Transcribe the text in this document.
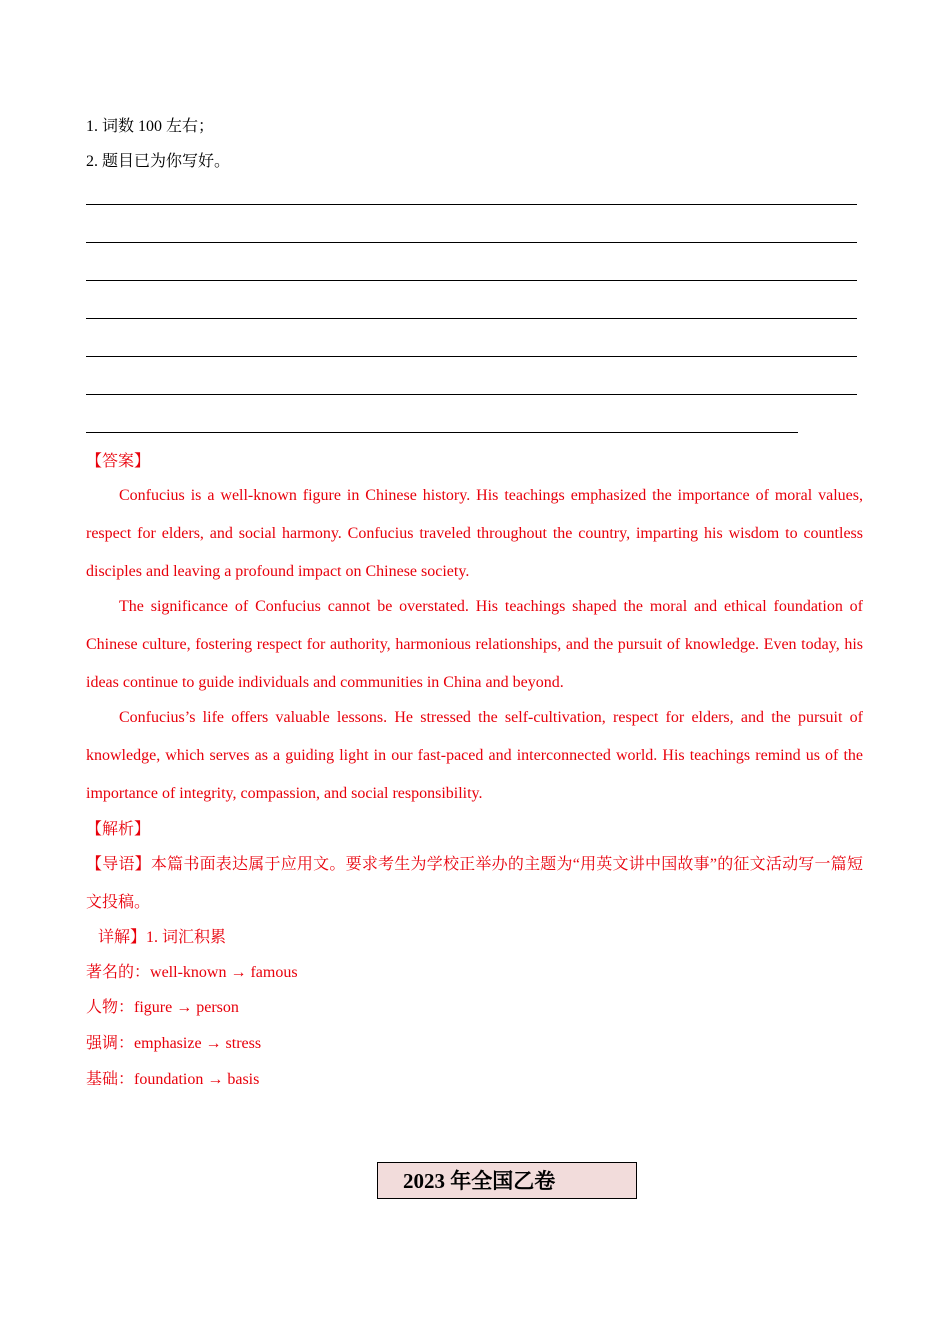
1. 词数 100 左右；
2. 题目已为你写好。
【答案】
Confucius is a well-known figure in Chinese history. His teachings emphasized the importance of moral values, respect for elders, and social harmony. Confucius traveled throughout the country, imparting his wisdom to countless disciples and leaving a profound impact on Chinese society.
The significance of Confucius cannot be overstated. His teachings shaped the moral and ethical foundation of Chinese culture, fostering respect for authority, harmonious relationships, and the pursuit of knowledge. Even today, his ideas continue to guide individuals and communities in China and beyond.
Confucius’s life offers valuable lessons. He stressed the self-cultivation, respect for elders, and the pursuit of knowledge, which serves as a guiding light in our fast-paced and interconnected world. His teachings remind us of the importance of integrity, compassion, and social responsibility.
【解析】
【导语】本篇书面表达属于应用文。要求考生为学校正举办的主题为“用英文讲中国故事”的征文活动写一篇短文投稿。
详解】1. 词汇积累
著名的：well-known → famous
人物：figure → person
强调：emphasize → stress
基础：foundation → basis
2023 年全国乙卷
